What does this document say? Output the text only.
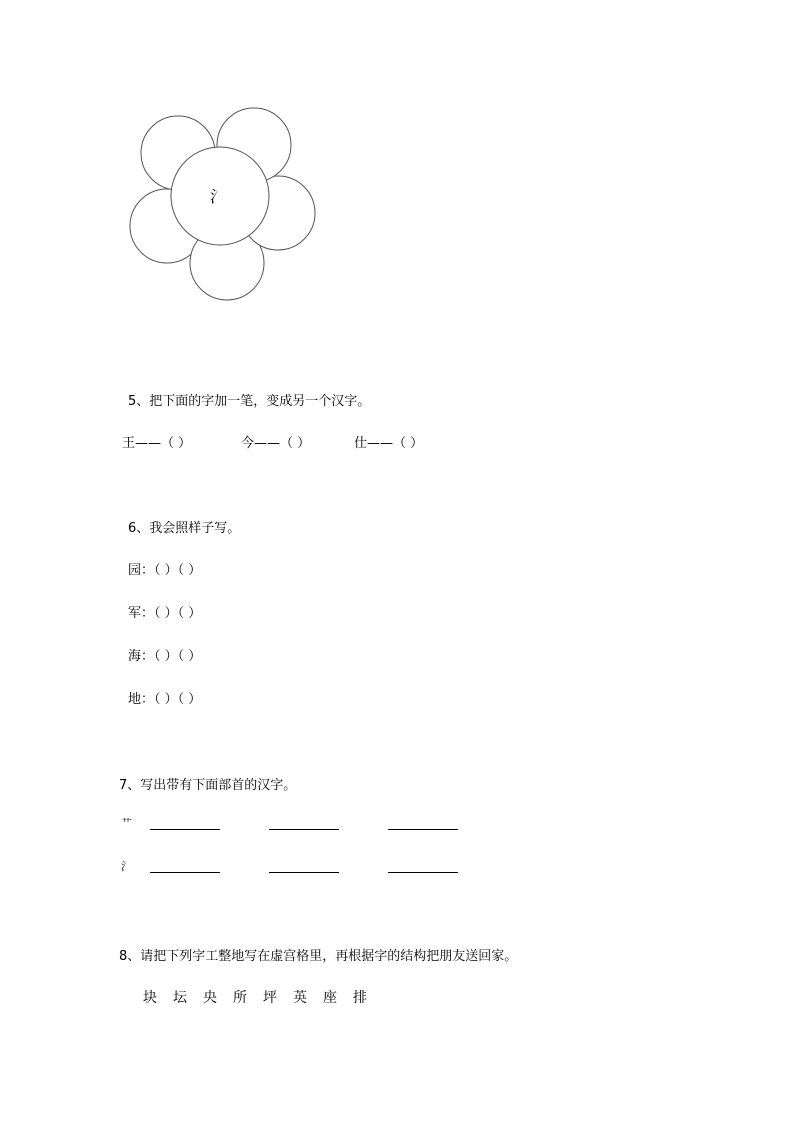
氵
5、把下面的字加一笔，变成另一个汉字。
王——（ ）	今——（ ）	仕——（ ）
6、我会照样子写。
园：（ ）（ ）
军：（ ）（ ）
海：（ ）（ ）
地：（ ）（ ）
7、写出带有下面部首的汉字。
艹
氵
8、请把下列字工整地写在虚宫格里，再根据字的结构把朋友送回家。
块 坛 央 所 坪 英 座 排
